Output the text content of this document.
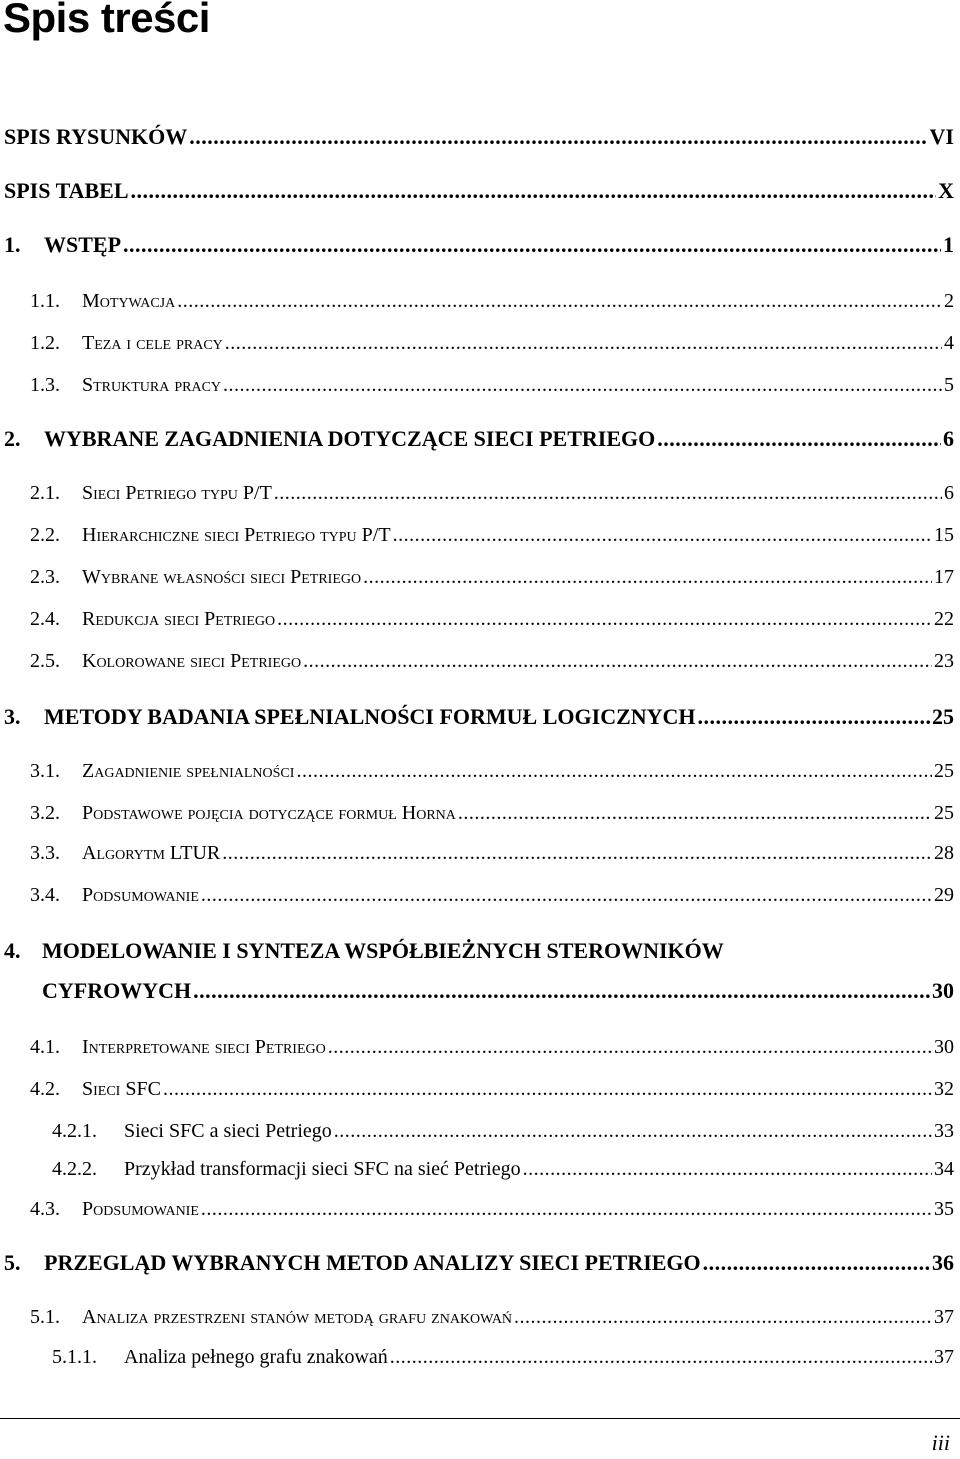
Spis treści
SPIS RYSUNKÓW .....	VI
SPIS TABEL .....	X
1.	WSTĘP .....	1
1.1.	Motywacja .....	2
1.2.	Teza i cele pracy .....	4
1.3.	Struktura pracy .....	5
2.	WYBRANE ZAGADNIENIA DOTYCZĄCE SIECI PETRIEGO .....	6
2.1.	Sieci Petriego typu P/T .....	6
2.2.	Hierarchiczne sieci Petriego typu P/T .....	15
2.3.	Wybrane własności sieci Petriego .....	17
2.4.	Redukcja sieci Petriego .....	22
2.5.	Kolorowane sieci Petriego .....	23
3.	METODY BADANIA SPEŁNIALNOŚCI FORMUŁ LOGICZNYCH .....	25
3.1.	Zagadnienie spełnialności .....	25
3.2.	Podstawowe pojęcia dotyczące formuł Horna .....	25
3.3.	Algorytm LTUR .....	28
3.4.	Podsumowanie .....	29
4. MODELOWANIE I SYNTEZA WSPÓŁBIEŻNYCH STEROWNIKÓW
CYFROWYCH .....	30
4.1.	Interpretowane sieci Petriego .....	30
4.2.	Sieci SFC .....	32
4.2.1.	Sieci SFC a sieci Petriego .....	33
4.2.2.	Przykład transformacji sieci SFC na sieć Petriego .....	34
4.3.	Podsumowanie .....	35
5.	PRZEGLĄD WYBRANYCH METOD ANALIZY SIECI PETRIEGO .....	36
5.1.	Analiza przestrzeni stanów metodą grafu znakowań .....	37
5.1.1.	Analiza pełnego grafu znakowań .....	37
iii
